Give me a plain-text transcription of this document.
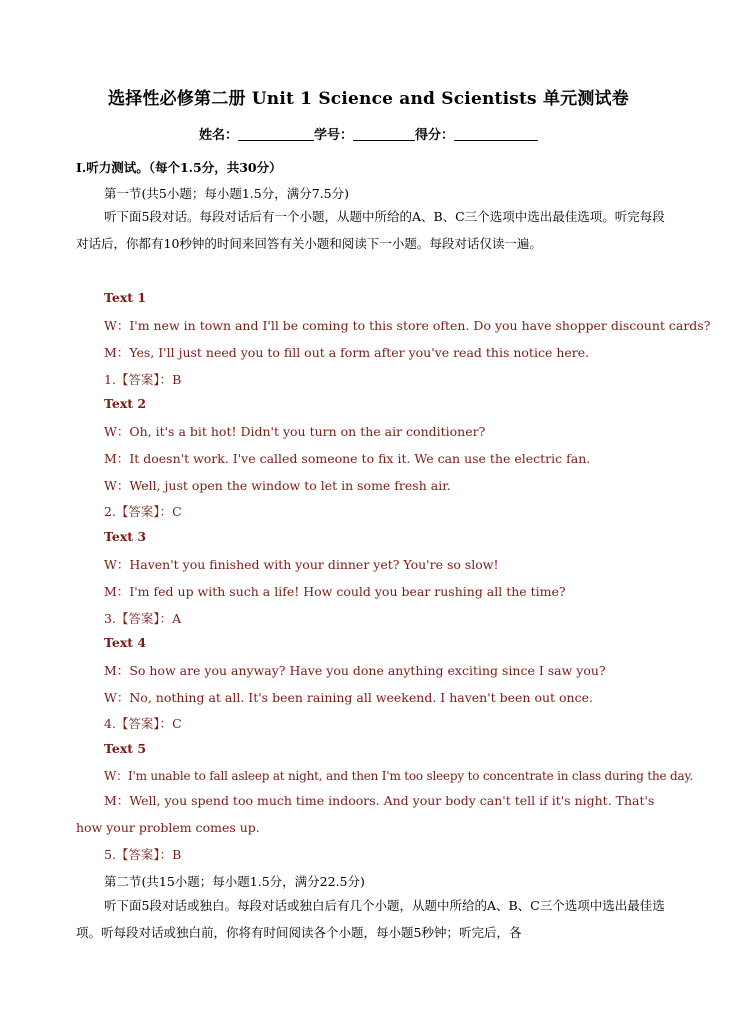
选择性必修第二册 Unit 1 Science and Scientists 单元测试卷
姓名：	学号：	得分：
I.听力测试。（每个1.5分，共30分）
第一节(共5小题；每小题1.5分，满分7.5分)
听下面5段对话。每段对话后有一个小题，从题中所给的A、B、C三个选项中选出最佳选项。听完每段对话后，你都有10秒钟的时间来回答有关小题和阅读下一小题。每段对话仅读一遍。
Text 1
W：I'm new in town and I'll be coming to this store often. Do you have shopper discount cards?
M：Yes, I'll just need you to fill out a form after you've read this notice here.
1.【答案】：B
Text 2
W：Oh, it's a bit hot! Didn't you turn on the air conditioner?
M：It doesn't work. I've called someone to fix it. We can use the electric fan.
W：Well, just open the window to let in some fresh air.
2.【答案】：C
Text 3
W：Haven't you finished with your dinner yet? You're so slow!
M：I'm fed up with such a life! How could you bear rushing all the time?
3.【答案】：A
Text 4
M：So how are you anyway? Have you done anything exciting since I saw you?
W：No, nothing at all. It's been raining all weekend. I haven't been out once.
4.【答案】：C
Text 5
W：I'm unable to fall asleep at night, and then I'm too sleepy to concentrate in class during the day.
M：Well, you spend too much time indoors. And your body can't tell if it's night. That's how your problem comes up.
5.【答案】：B
第二节(共15小题；每小题1.5分，满分22.5分)
听下面5段对话或独白。每段对话或独白后有几个小题，从题中所给的A、B、C三个选项中选出最佳选项。听每段对话或独白前，你将有时间阅读各个小题，每小题5秒钟；听完后，各
